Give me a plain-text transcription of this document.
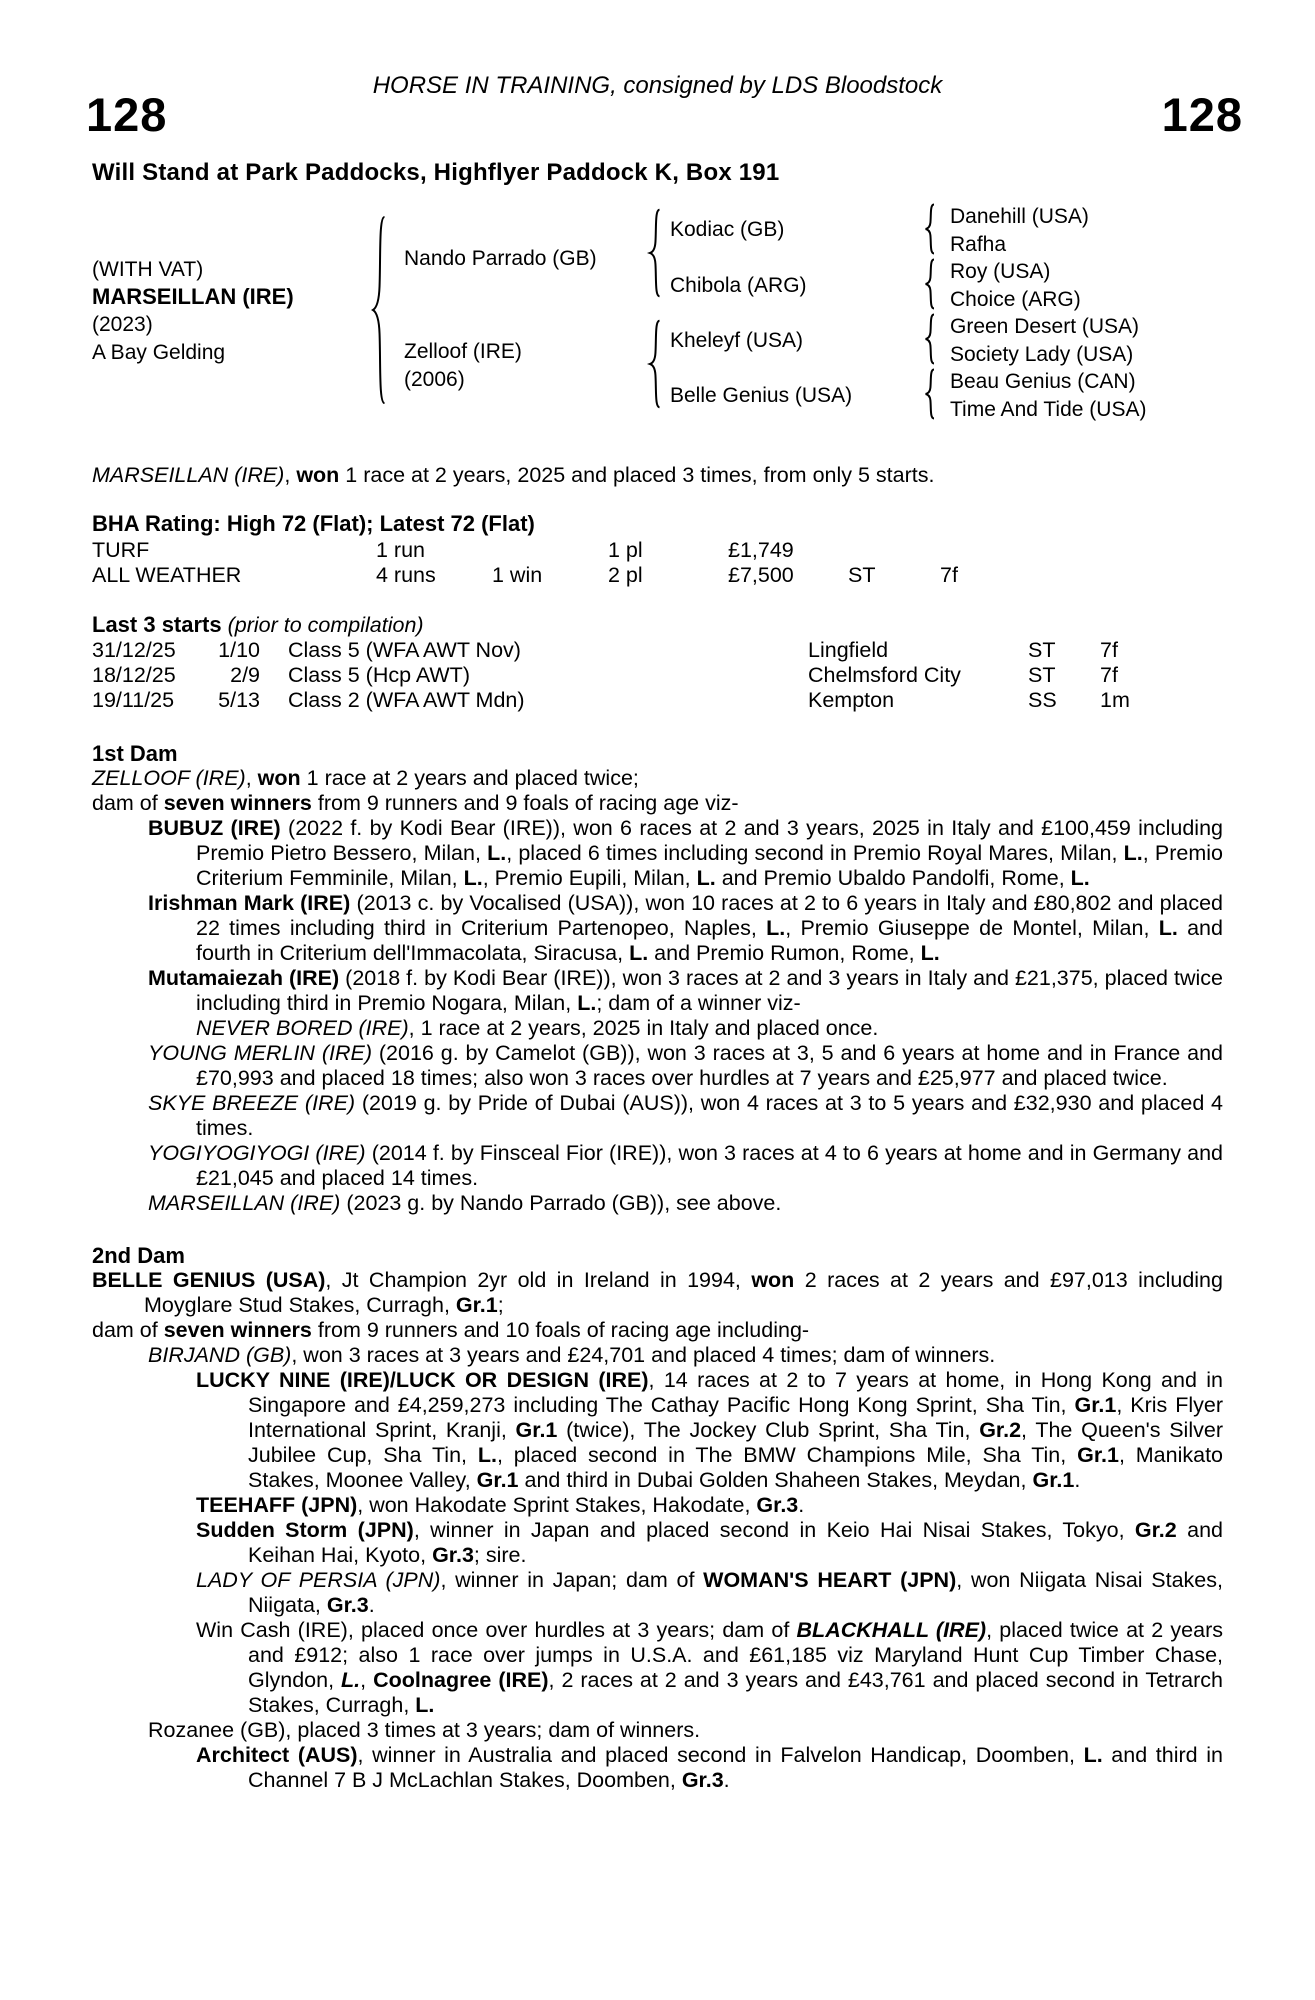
HORSE IN TRAINING, consigned by LDS Bloodstock
128	128
Will Stand at Park Paddocks, Highflyer Paddock K, Box 191
(WITH VAT)
MARSEILLAN (IRE)
(2023)
A Bay Gelding
Nando Parrado (GB)
Zelloof (IRE)
(2006)
Kodiac (GB)
Chibola (ARG)
Kheleyf (USA)
Belle Genius (USA)
Danehill (USA)
Rafha
Roy (USA)
Choice (ARG)
Green Desert (USA)
Society Lady (USA)
Beau Genius (CAN)
Time And Tide (USA)
MARSEILLAN (IRE), won 1 race at 2 years, 2025 and placed 3 times, from only 5 starts.
BHA Rating: High 72 (Flat); Latest 72 (Flat)
TURF	1 run	1 pl	£1,749
ALL WEATHER	4 runs	1 win	2 pl	£7,500	ST	7f
Last 3 starts (prior to compilation)
31/12/25	1/10	Class 5 (WFA AWT Nov)	Lingfield	ST	7f
18/12/25	2/9	Class 5 (Hcp AWT)	Chelmsford City	ST	7f
19/11/25	5/13	Class 2 (WFA AWT Mdn)	Kempton	SS	1m
1st Dam
ZELLOOF (IRE), won 1 race at 2 years and placed twice;
dam of seven winners from 9 runners and 9 foals of racing age viz-
BUBUZ (IRE) (2022 f. by Kodi Bear (IRE)), won 6 races at 2 and 3 years, 2025 in Italy and £100,459 including Premio Pietro Bessero, Milan, L., placed 6 times including second in Premio Royal Mares, Milan, L., Premio Criterium Femminile, Milan, L., Premio Eupili, Milan, L. and Premio Ubaldo Pandolfi, Rome, L.
Irishman Mark (IRE) (2013 c. by Vocalised (USA)), won 10 races at 2 to 6 years in Italy and £80,802 and placed 22 times including third in Criterium Partenopeo, Naples, L., Premio Giuseppe de Montel, Milan, L. and fourth in Criterium dell'Immacolata, Siracusa, L. and Premio Rumon, Rome, L.
Mutamaiezah (IRE) (2018 f. by Kodi Bear (IRE)), won 3 races at 2 and 3 years in Italy and £21,375, placed twice including third in Premio Nogara, Milan, L.; dam of a winner viz-
NEVER BORED (IRE), 1 race at 2 years, 2025 in Italy and placed once.
YOUNG MERLIN (IRE) (2016 g. by Camelot (GB)), won 3 races at 3, 5 and 6 years at home and in France and £70,993 and placed 18 times; also won 3 races over hurdles at 7 years and £25,977 and placed twice.
SKYE BREEZE (IRE) (2019 g. by Pride of Dubai (AUS)), won 4 races at 3 to 5 years and £32,930 and placed 4 times.
YOGIYOGIYOGI (IRE) (2014 f. by Finsceal Fior (IRE)), won 3 races at 4 to 6 years at home and in Germany and £21,045 and placed 14 times.
MARSEILLAN (IRE) (2023 g. by Nando Parrado (GB)), see above.
2nd Dam
BELLE GENIUS (USA), Jt Champion 2yr old in Ireland in 1994, won 2 races at 2 years and £97,013 including Moyglare Stud Stakes, Curragh, Gr.1;
dam of seven winners from 9 runners and 10 foals of racing age including-
BIRJAND (GB), won 3 races at 3 years and £24,701 and placed 4 times; dam of winners.
LUCKY NINE (IRE)/LUCK OR DESIGN (IRE), 14 races at 2 to 7 years at home, in Hong Kong and in Singapore and £4,259,273 including The Cathay Pacific Hong Kong Sprint, Sha Tin, Gr.1, Kris Flyer International Sprint, Kranji, Gr.1 (twice), The Jockey Club Sprint, Sha Tin, Gr.2, The Queen's Silver Jubilee Cup, Sha Tin, L., placed second in The BMW Champions Mile, Sha Tin, Gr.1, Manikato Stakes, Moonee Valley, Gr.1 and third in Dubai Golden Shaheen Stakes, Meydan, Gr.1.
TEEHAFF (JPN), won Hakodate Sprint Stakes, Hakodate, Gr.3.
Sudden Storm (JPN), winner in Japan and placed second in Keio Hai Nisai Stakes, Tokyo, Gr.2 and Keihan Hai, Kyoto, Gr.3; sire.
LADY OF PERSIA (JPN), winner in Japan; dam of WOMAN'S HEART (JPN), won Niigata Nisai Stakes, Niigata, Gr.3.
Win Cash (IRE), placed once over hurdles at 3 years; dam of BLACKHALL (IRE), placed twice at 2 years and £912; also 1 race over jumps in U.S.A. and £61,185 viz Maryland Hunt Cup Timber Chase, Glyndon, L., Coolnagree (IRE), 2 races at 2 and 3 years and £43,761 and placed second in Tetrarch Stakes, Curragh, L.
Rozanee (GB), placed 3 times at 3 years; dam of winners.
Architect (AUS), winner in Australia and placed second in Falvelon Handicap, Doomben, L. and third in Channel 7 B J McLachlan Stakes, Doomben, Gr.3.
